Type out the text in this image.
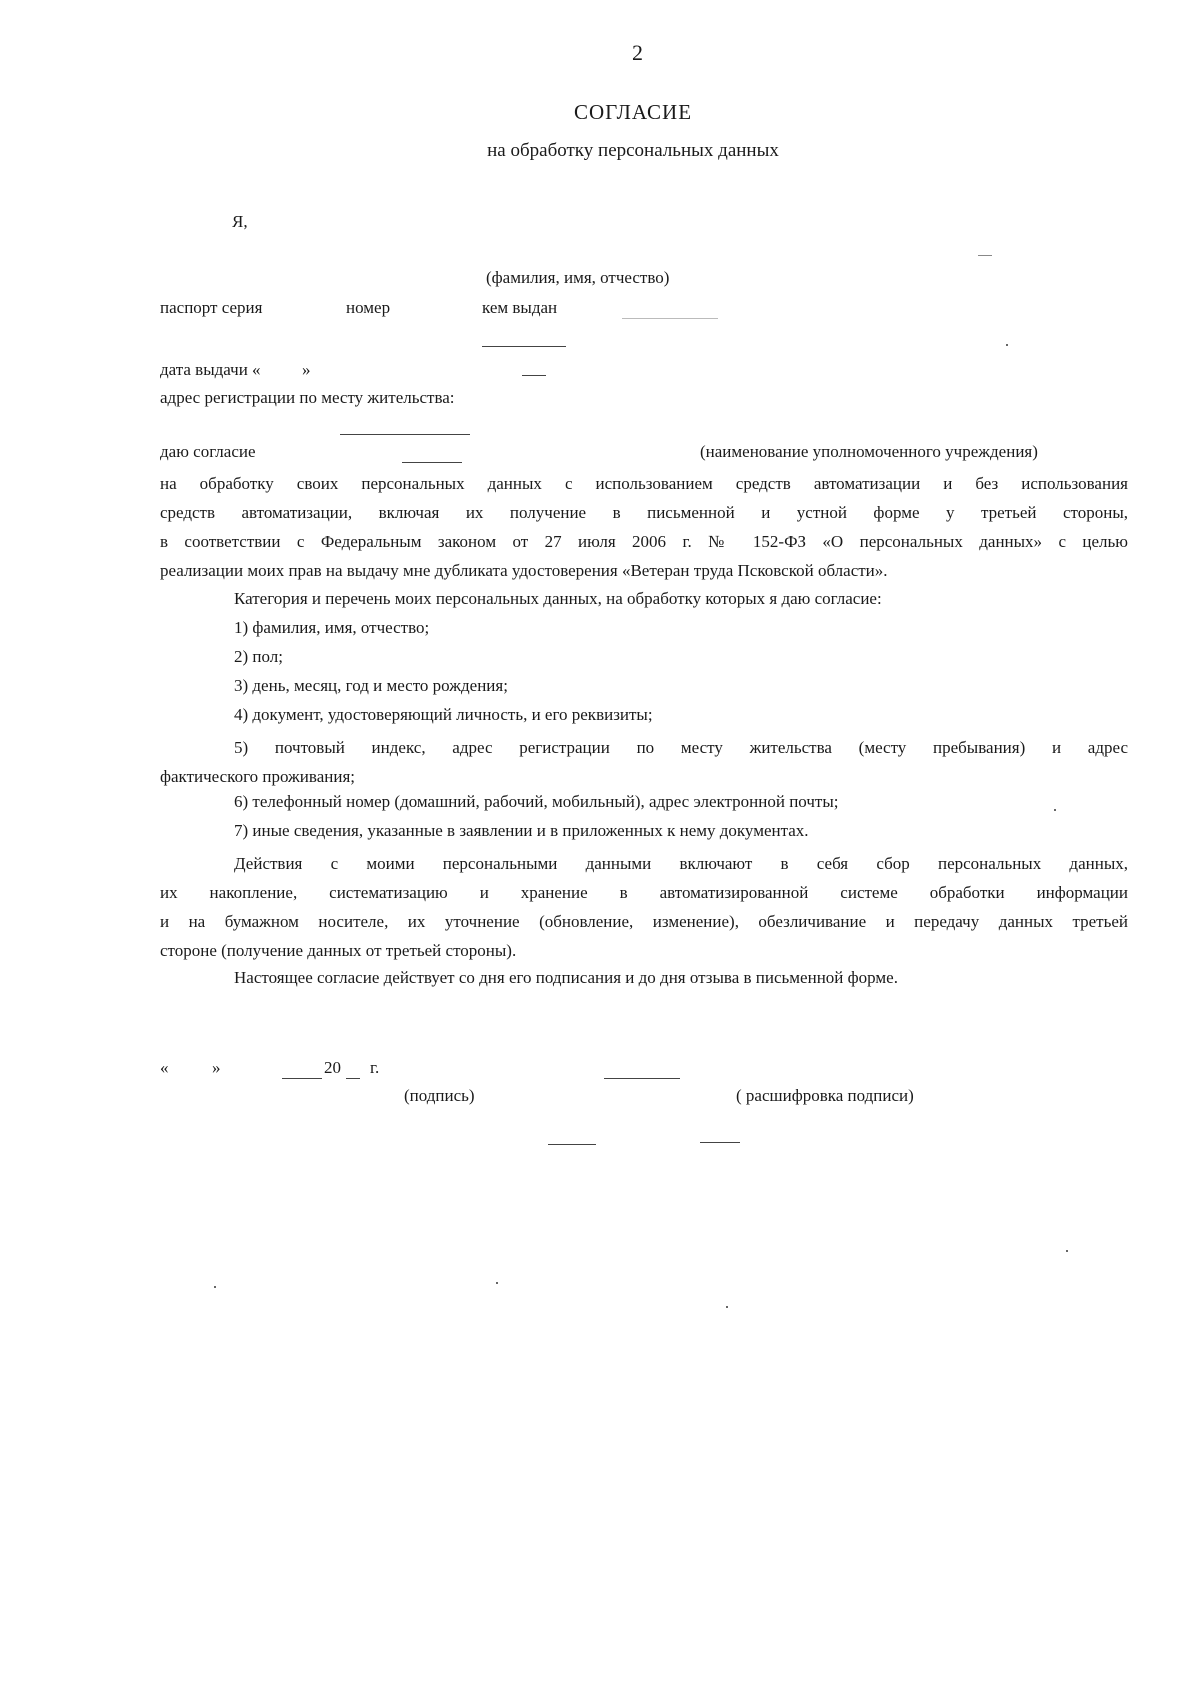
2
СОГЛАСИЕ
на обработку персональных данных
Я,
(фамилия, имя, отчество)
паспорт серия	номер	кем выдан
дата выдачи « »
адрес регистрации по месту жительства:
даю согласие	(наименование уполномоченного учреждения)
на обработку своих персональных данных с использованием средств автоматизации и без использования
средств автоматизации, включая их получение в письменной и устной форме у третьей стороны,
в соответствии с Федеральным законом от 27 июля 2006 г. № 152-ФЗ «О персональных данных» с целью
реализации моих прав на выдачу мне дубликата удостоверения «Ветеран труда Псковской области».
Категория и перечень моих персональных данных, на обработку которых я даю согласие:
1) фамилия, имя, отчество;
2) пол;
3) день, месяц, год и место рождения;
4) документ, удостоверяющий личность, и его реквизиты;
5) почтовый индекс, адрес регистрации по месту жительства (месту пребывания) и адрес
фактического проживания;
6) телефонный номер (домашний, рабочий, мобильный), адрес электронной почты;
7) иные сведения, указанные в заявлении и в приложенных к нему документах.
Действия с моими персональными данными включают в себя сбор персональных данных,
их накопление, систематизацию и хранение в автоматизированной системе обработки информации
и на бумажном носителе, их уточнение (обновление, изменение), обезличивание и передачу данных третьей
стороне (получение данных от третьей стороны).
Настоящее согласие действует со дня его подписания и до дня отзыва в письменной форме.
«	»	20 г.
(подпись)	( расшифровка подписи)
